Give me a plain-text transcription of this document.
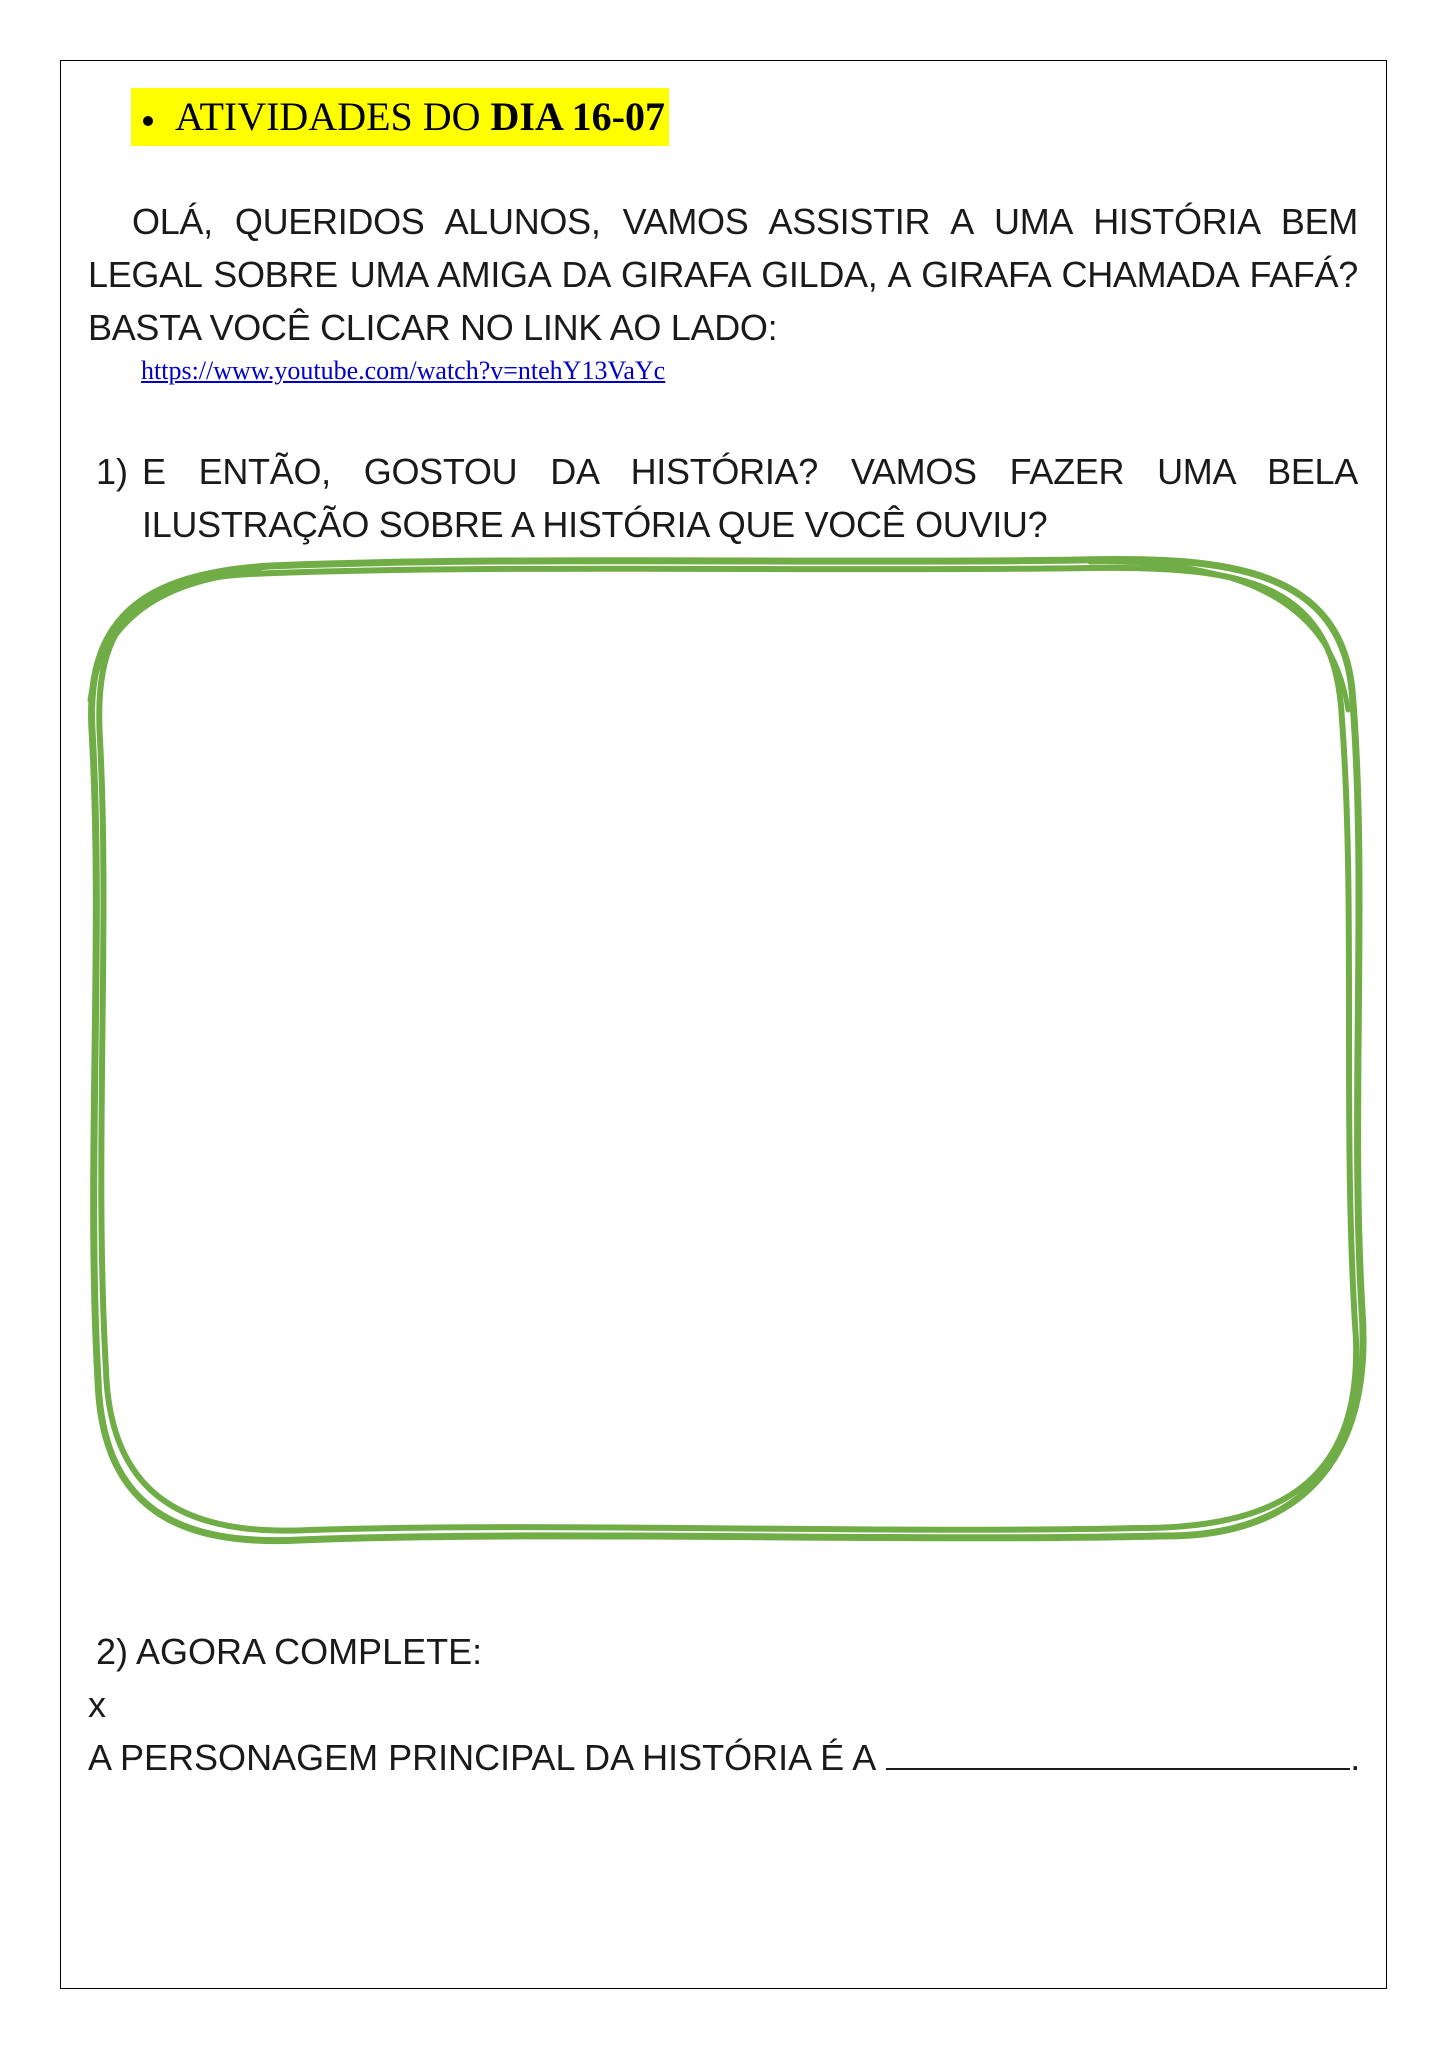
ATIVIDADES DO DIA 16-07
OLÁ, QUERIDOS ALUNOS, VAMOS ASSISTIR A UMA HISTÓRIA BEM LEGAL SOBRE UMA AMIGA DA GIRAFA GILDA, A GIRAFA CHAMADA FAFÁ? BASTA VOCÊ CLICAR NO LINK AO LADO:
https://www.youtube.com/watch?v=ntehY13VaYc
1) E ENTÃO, GOSTOU DA HISTÓRIA? VAMOS FAZER UMA BELA ILUSTRAÇÃO SOBRE A HISTÓRIA QUE VOCÊ OUVIU?
2) AGORA COMPLETE:
x
A PERSONAGEM PRINCIPAL DA HISTÓRIA É A	.
